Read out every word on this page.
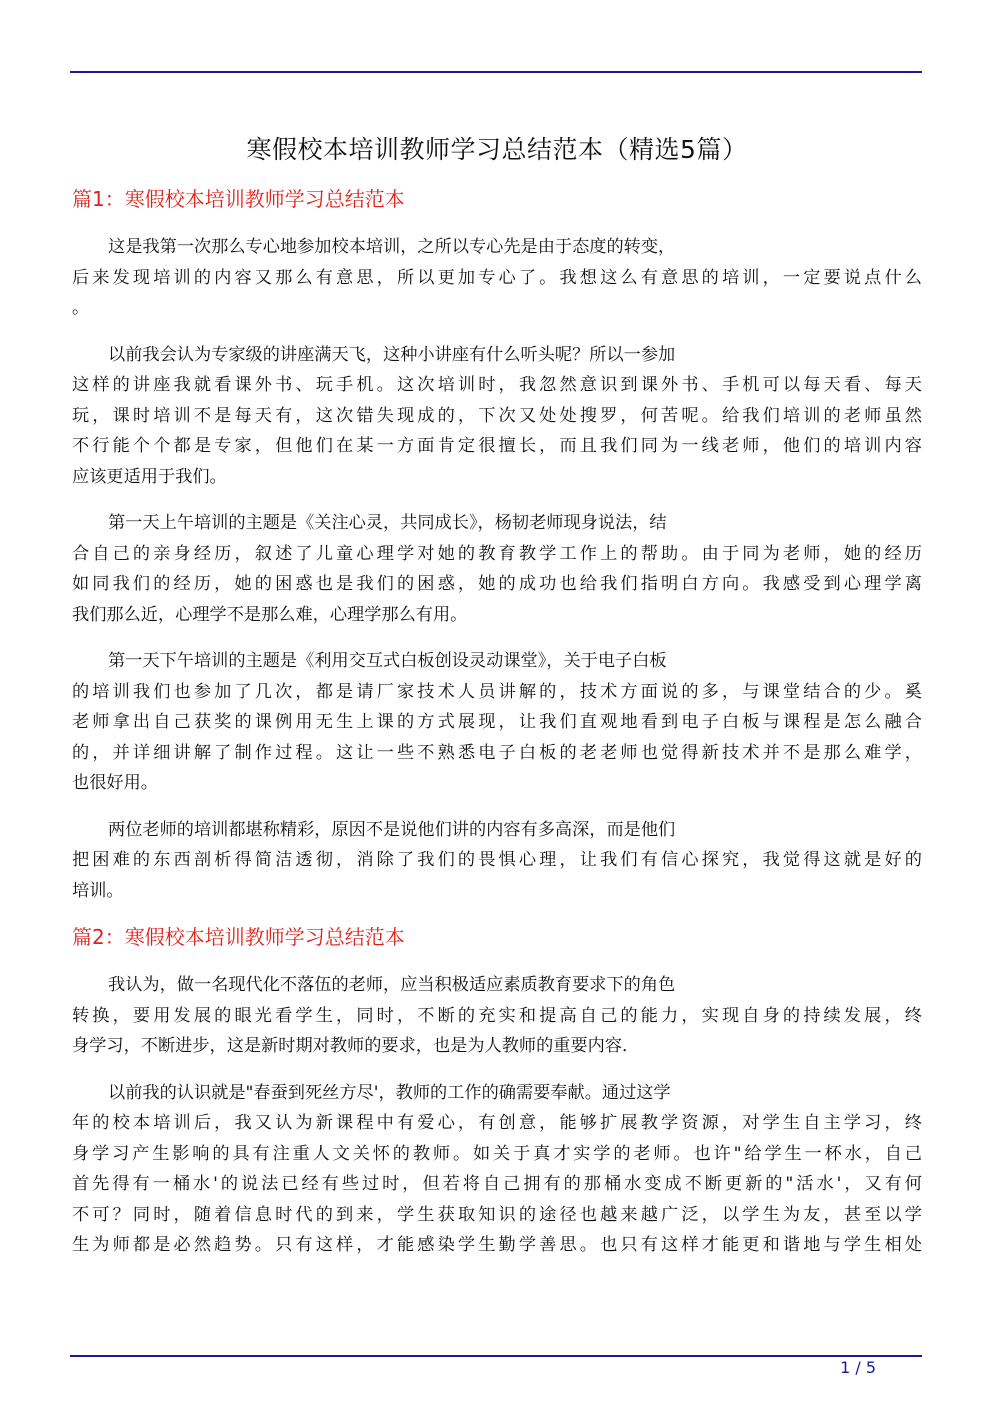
寒假校本培训教师学习总结范本（精选5篇）
篇1：寒假校本培训教师学习总结范本
这是我第一次那么专心地参加校本培训，之所以专心先是由于态度的转变，
后来发现培训的内容又那么有意思，所以更加专心了。我想这么有意思的培训，一定要说点什么
。
以前我会认为专家级的讲座满天飞，这种小讲座有什么听头呢？所以一参加
这样的讲座我就看课外书、玩手机。这次培训时，我忽然意识到课外书、手机可以每天看、每天
玩，课时培训不是每天有，这次错失现成的，下次又处处搜罗，何苦呢。给我们培训的老师虽然
不行能个个都是专家，但他们在某一方面肯定很擅长，而且我们同为一线老师，他们的培训内容
应该更适用于我们。
第一天上午培训的主题是《关注心灵，共同成长》，杨韧老师现身说法，结
合自己的亲身经历，叙述了儿童心理学对她的教育教学工作上的帮助。由于同为老师，她的经历
如同我们的经历，她的困惑也是我们的困惑，她的成功也给我们指明白方向。我感受到心理学离
我们那么近，心理学不是那么难，心理学那么有用。
第一天下午培训的主题是《利用交互式白板创设灵动课堂》，关于电子白板
的培训我们也参加了几次，都是请厂家技术人员讲解的，技术方面说的多，与课堂结合的少。奚
老师拿出自己获奖的课例用无生上课的方式展现，让我们直观地看到电子白板与课程是怎么融合
的，并详细讲解了制作过程。这让一些不熟悉电子白板的老老师也觉得新技术并不是那么难学，
也很好用。
两位老师的培训都堪称精彩，原因不是说他们讲的内容有多高深，而是他们
把困难的东西剖析得简洁透彻，消除了我们的畏惧心理，让我们有信心探究，我觉得这就是好的
培训。
篇2：寒假校本培训教师学习总结范本
我认为，做一名现代化不落伍的老师，应当积极适应素质教育要求下的角色
转换，要用发展的眼光看学生，同时，不断的充实和提高自己的能力，实现自身的持续发展，终
身学习，不断进步，这是新时期对教师的要求，也是为人教师的重要内容．
以前我的认识就是"春蚕到死丝方尽'，教师的工作的确需要奉献。通过这学
年的校本培训后，我又认为新课程中有爱心，有创意，能够扩展教学资源，对学生自主学习，终
身学习产生影响的具有注重人文关怀的教师。如关于真才实学的老师。也许"给学生一杯水，自己
首先得有一桶水'的说法已经有些过时，但若将自己拥有的那桶水变成不断更新的"活水'，又有何
不可？同时，随着信息时代的到来，学生获取知识的途径也越来越广泛，以学生为友，甚至以学
生为师都是必然趋势。只有这样，才能感染学生勤学善思。也只有这样才能更和谐地与学生相处
1 / 5
